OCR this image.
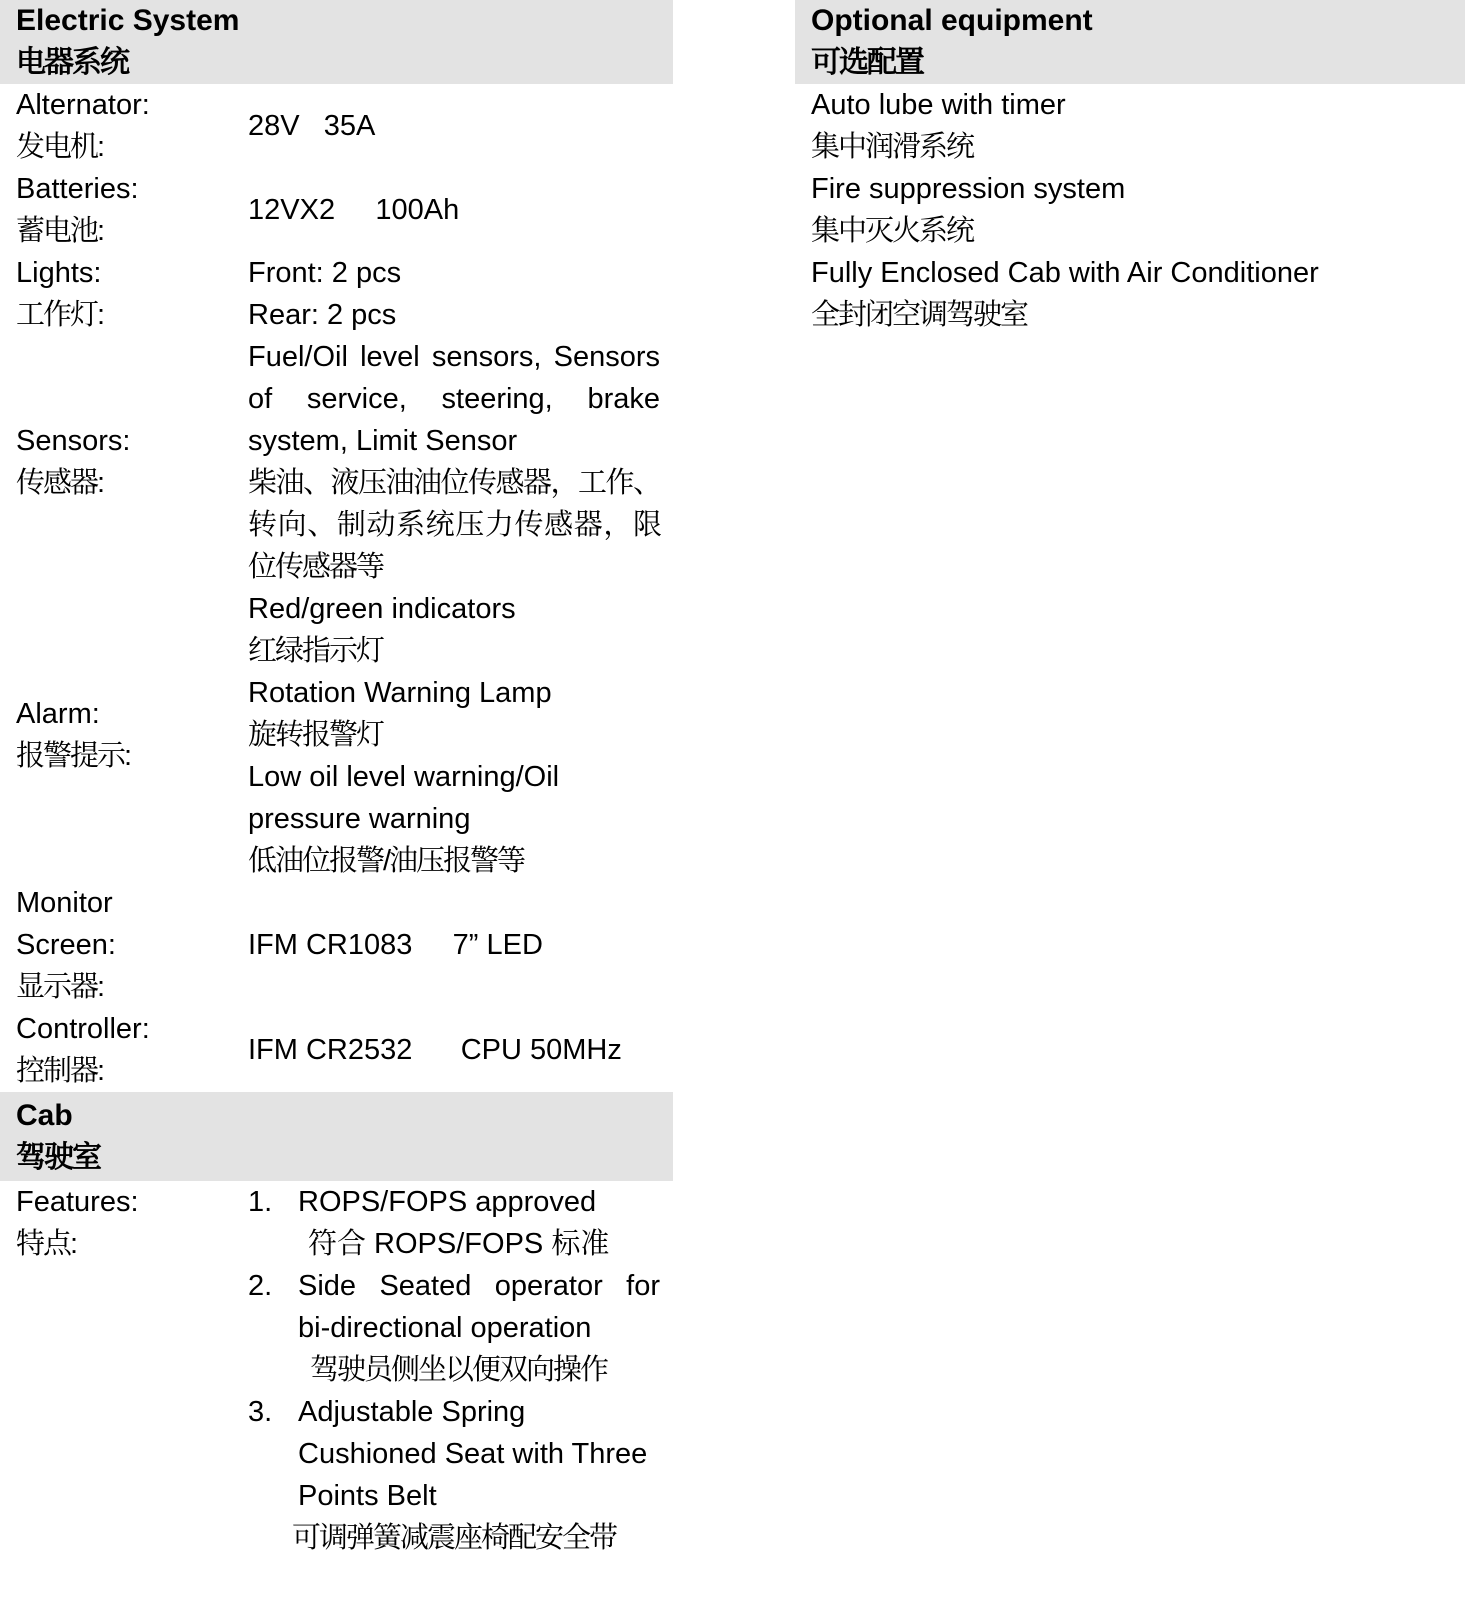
Electric System
电器系统
Alternator:
发电机:
28V   35A
Batteries:
蓄电池:
12VX2     100Ah
Lights:
工作灯:
Front: 2 pcs
Rear: 2 pcs
Sensors:
传感器:
Fuel/Oil level sensors, Sensors
of service, steering, brake
system, Limit Sensor
柴油、液压油油位传感器，工作、
转向、制动系统压力传感器，限
位传感器等
Alarm:
报警提示:
Red/green indicators
红绿指示灯
Rotation Warning Lamp
旋转报警灯
Low oil level warning/Oil
pressure warning
低油位报警/油压报警等
Monitor
Screen:
显示器:
IFM CR1083     7” LED
Controller:
控制器:
IFM CR2532      CPU 50MHz
Cab
驾驶室
Features:
特点:
1. ROPS/FOPS approved
符合 ROPS/FOPS 标准
2. Side Seated operator for
bi-directional operation
驾驶员侧坐以便双向操作
3. Adjustable Spring
Cushioned Seat with Three
Points Belt
可调弹簧减震座椅配安全带
Optional equipment
可选配置
Auto lube with timer
集中润滑系统
Fire suppression system
集中灭火系统
Fully Enclosed Cab with Air Conditioner
全封闭空调驾驶室
